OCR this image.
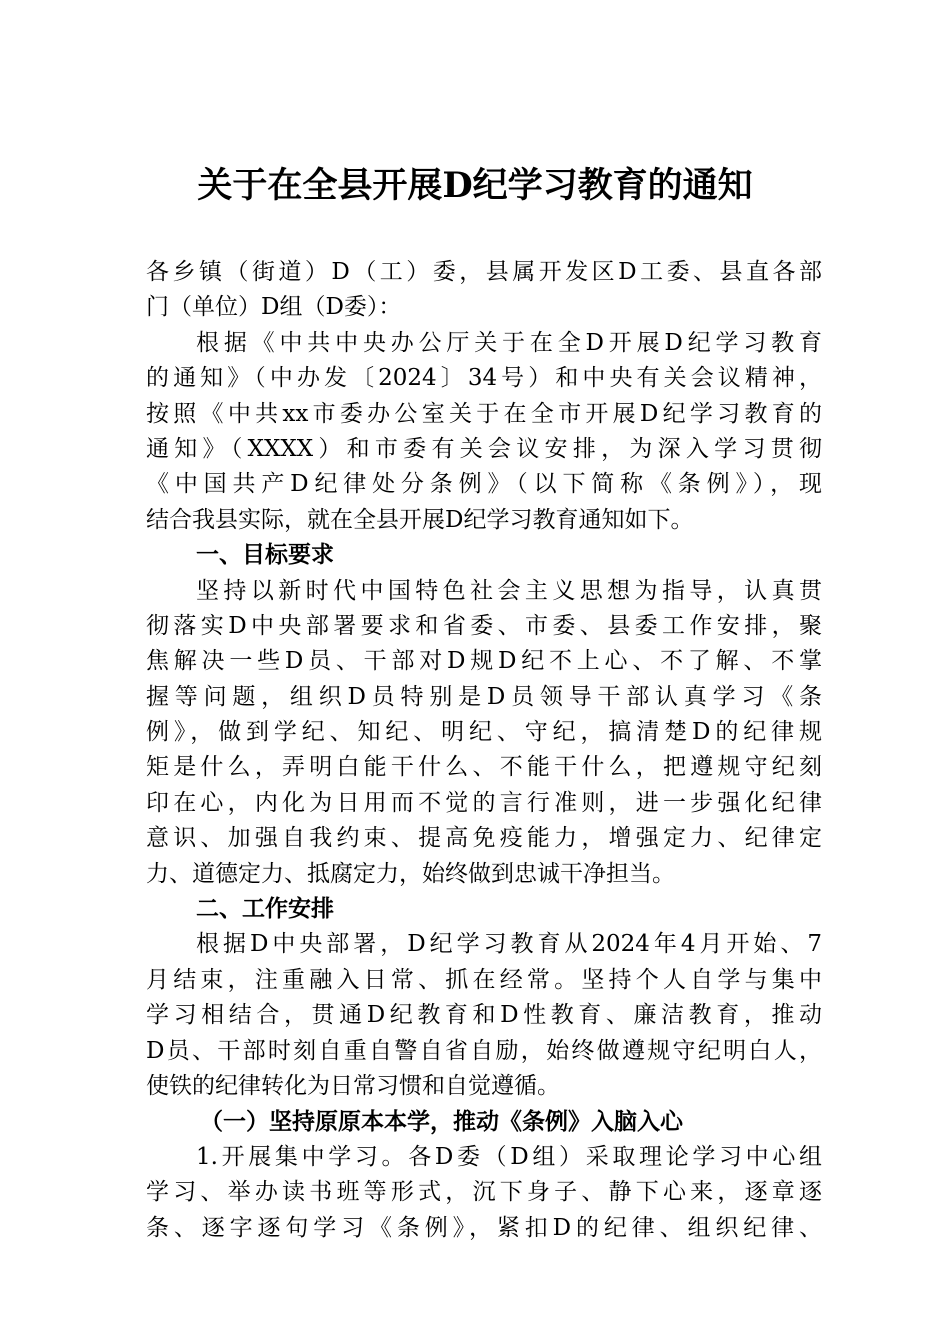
关于在全县开展D纪学习教育的通知
各乡镇（街道）D（工）委，县属开发区D工委、县直各部
门（单位）D组（D委）：
根据《中共中央办公厅关于在全D开展D纪学习教育
的通知》（中办发〔2024〕34号）和中央有关会议精神，
按照《中共xx市委办公室关于在全市开展D纪学习教育的
通知》（XXXX）和市委有关会议安排，为深入学习贯彻
《中国共产D纪律处分条例》（以下简称《条例》），现
结合我县实际，就在全县开展D纪学习教育通知如下。
一、目标要求
坚持以新时代中国特色社会主义思想为指导，认真贯
彻落实D中央部署要求和省委、市委、县委工作安排，聚
焦解决一些D员、干部对D规D纪不上心、不了解、不掌
握等问题，组织D员特别是D员领导干部认真学习《条
例》，做到学纪、知纪、明纪、守纪，搞清楚D的纪律规
矩是什么，弄明白能干什么、不能干什么，把遵规守纪刻
印在心，内化为日用而不觉的言行准则，进一步强化纪律
意识、加强自我约束、提高免疫能力，增强定力、纪律定
力、道德定力、抵腐定力，始终做到忠诚干净担当。
二、工作安排
根据D中央部署，D纪学习教育从2024年4月开始、7
月结束，注重融入日常、抓在经常。坚持个人自学与集中
学习相结合，贯通D纪教育和D性教育、廉洁教育，推动
D员、干部时刻自重自警自省自励，始终做遵规守纪明白人，
使铁的纪律转化为日常习惯和自觉遵循。
（一）坚持原原本本学，推动《条例》入脑入心
1.开展集中学习。各D委（D组）采取理论学习中心组
学习、举办读书班等形式，沉下身子、静下心来，逐章逐
条、逐字逐句学习《条例》，紧扣D的纪律、组织纪律、
